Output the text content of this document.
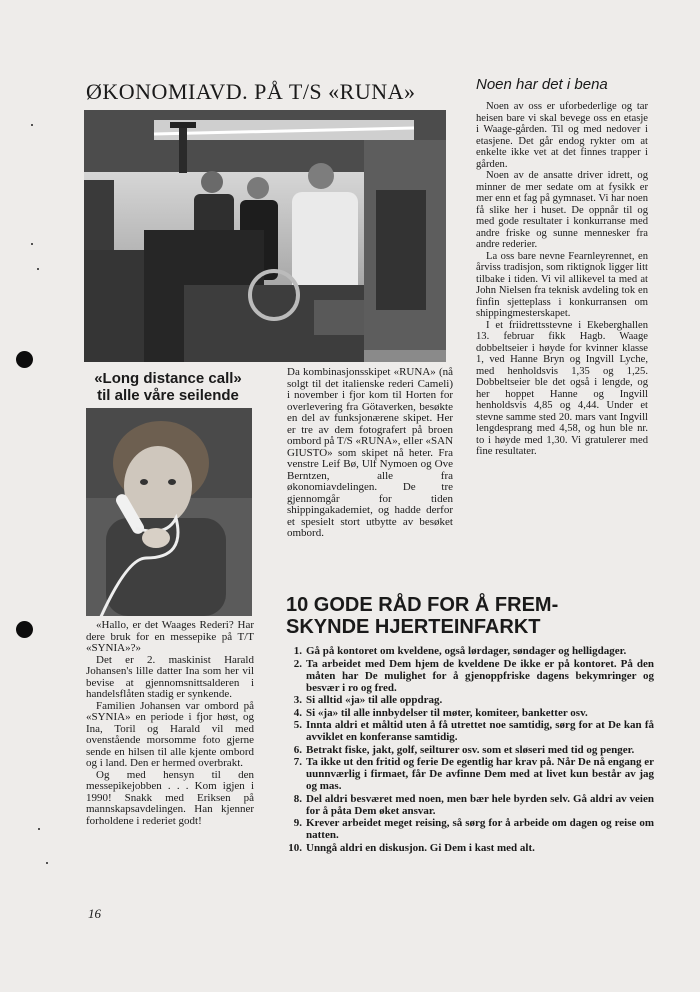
ØKONOMIAVD. PÅ T/S «RUNA»
Da kombinasjonsskipet «RUNA» (nå solgt til det italienske rederi Cameli) i november i fjor kom til Horten for overlevering fra Götaverken, besøkte en del av funksjonærene skipet. Her er tre av dem fotografert på broen ombord på T/S «RUNA», eller «SAN GIUSTO» som skipet nå heter. Fra venstre Leif Bø, Ulf Nymoen og Ove Berntzen, alle fra økonomiavdelingen. De tre gjennomgår for tiden shippingakademiet, og hadde derfor et spesielt stort utbytte av besøket ombord.
«Long distance call»
til alle våre seilende

«Hallo, er det Waages Rederi? Har dere bruk for en messepike på T/T «SYNIA»?»

Det er 2. maskinist Harald Johansen's lille datter Ina som her vil bevise at gjennomsnittsalderen i handelsflåten stadig er synkende.

Familien Johansen var ombord på «SYNIA» en periode i fjor høst, og Ina, Toril og Harald vil med ovenstående morsomme foto gjerne sende en hilsen til alle kjente ombord og i land. Den er hermed overbrakt.

Og med hensyn til den messepikejobben . . . Kom igjen i 1990! Snakk med Eriksen på mannskapsavdelingen. Han kjenner forholdene i rederiet godt!

Noen har det i bena

Noen av oss er uforbederlige og tar heisen bare vi skal bevege oss en etasje i Waage-gården. Til og med nedover i etasjene. Det går endog rykter om at enkelte ikke vet at det finnes trapper i gården.

Noen av de ansatte driver idrett, og minner de mer sedate om at fysikk er mer enn et fag på gymnaset. Vi har noen få slike her i huset. De oppnår til og med gode resultater i konkurranse med andre friske og sunne mennesker fra andre rederier.

La oss bare nevne Fearnleyrennet, en årviss tradisjon, som riktignok ligger litt tilbake i tiden. Vi vil allikevel ta med at John Nielsen fra teknisk avdeling tok en finfin sjetteplass i konkurransen om shippingmesterskapet.

I et friidrettsstevne i Ekeberghallen 13. februar fikk Hagb. Waage dobbeltseier i høyde for kvinner klasse 1, ved Hanne Bryn og Ingvill Lyche, med henholdsvis 1,35 og 1,25. Dobbeltseier ble det også i lengde, og her hoppet Hanne og Ingvill henholdsvis 4,85 og 4,44. Under et stevne samme sted 20. mars vant Ingvill lengdesprang med 4,58, og hun ble nr. to i høyde med 1,30. Vi gratulerer med fine resultater.

10 GODE RÅD FOR Å FREM-
SKYNDE HJERTEINFARKT
1. Gå på kontoret om kveldene, også lørdager, søndager og helligdager.
2. Ta arbeidet med Dem hjem de kveldene De ikke er på kontoret. På den måten har De mulighet for å gjenoppfriske dagens bekymringer og besvær i ro og fred.
3. Si alltid «ja» til alle oppdrag.
4. Si «ja» til alle innbydelser til møter, komiteer, banketter osv.
5. Innta aldri et måltid uten å få utrettet noe samtidig, sørg for at De kan få avviklet en konferanse samtidig.
6. Betrakt fiske, jakt, golf, seilturer osv. som et sløseri med tid og penger.
7. Ta ikke ut den fritid og ferie De egentlig har krav på. Når De nå engang er uunnværlig i firmaet, får De avfinne Dem med at livet kun består av jag og mas.
8. Del aldri besværet med noen, men bær hele byrden selv. Gå aldri av veien for å påta Dem øket ansvar.
9. Krever arbeidet meget reising, så sørg for å arbeide om dagen og reise om natten.
10. Unngå aldri en diskusjon. Gi Dem i kast med alt.
16
